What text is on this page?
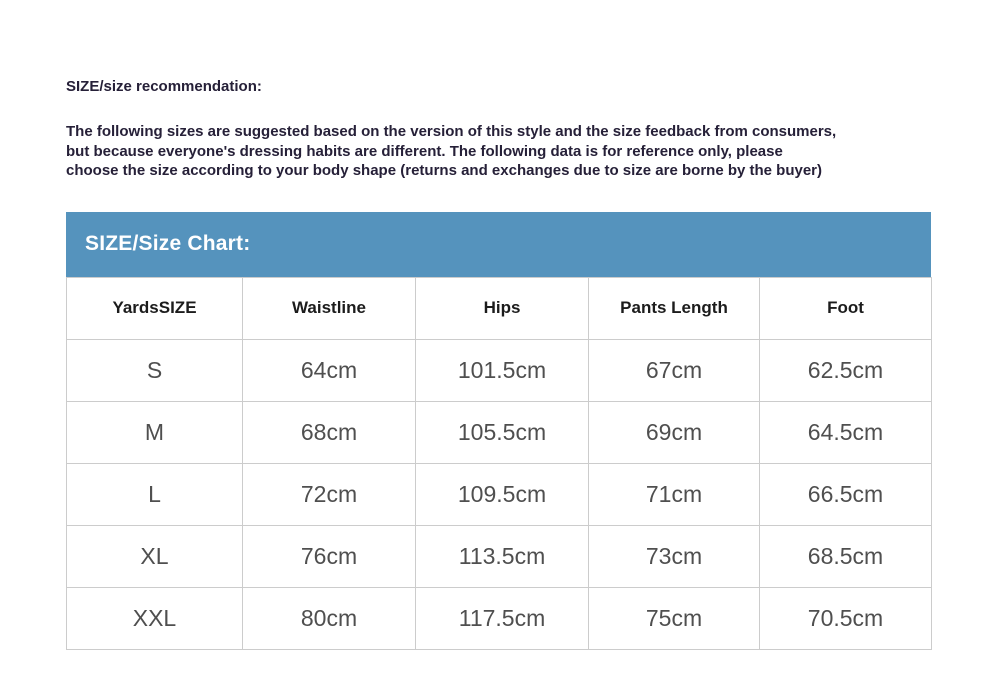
SIZE/size recommendation:

The following sizes are suggested based on the version of this style and the size feedback from consumers,
but because everyone's dressing habits are different. The following data is for reference only, please
choose the size according to your body shape (returns and exchanges due to size are borne by the buyer)

SIZE/Size Chart:
YardsSIZE	Waistline	Hips	Pants Length	Foot
S	64cm	101.5cm	67cm	62.5cm
M	68cm	105.5cm	69cm	64.5cm
L	72cm	109.5cm	71cm	66.5cm
XL	76cm	113.5cm	73cm	68.5cm
XXL	80cm	117.5cm	75cm	70.5cm
